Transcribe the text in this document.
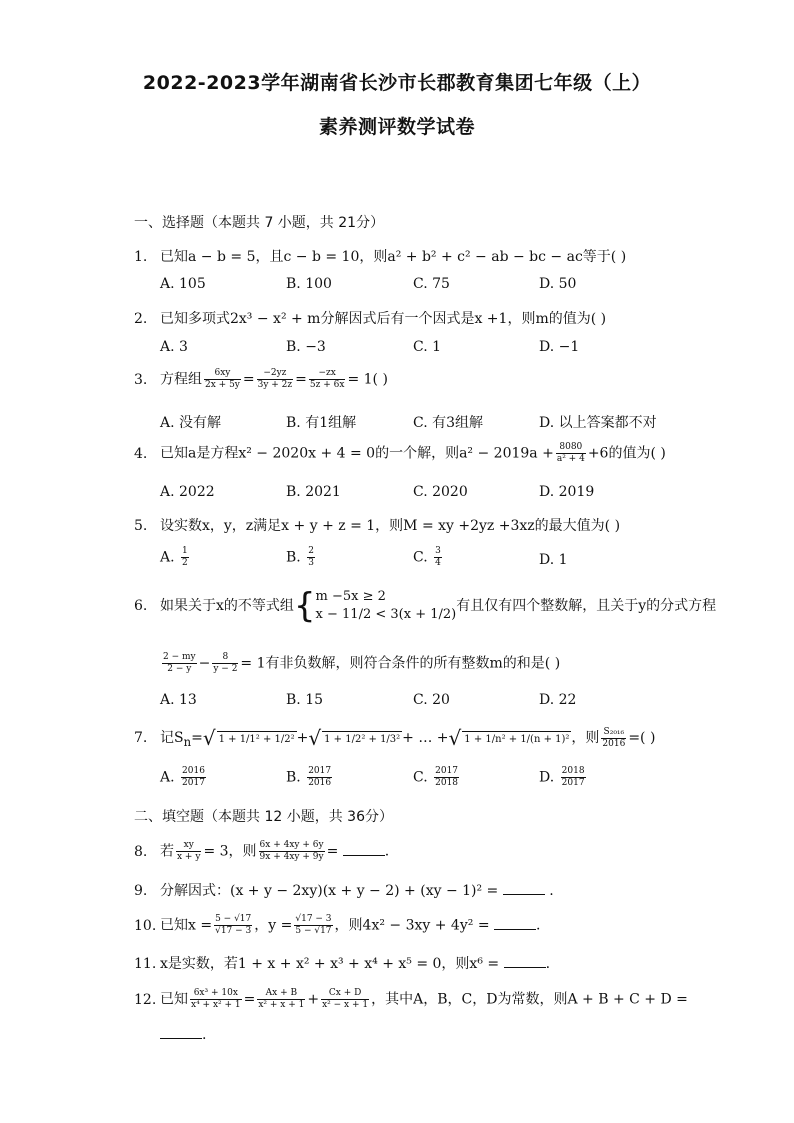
2022-2023学年湖南省长沙市长郡教育集团七年级（上）
素养测评数学试卷
一、选择题（本题共 7 小题，共 21分）
1. 已知a − b = 5，且c − b = 10，则a² + b² + c² − ab − bc − ac等于( )
A. 105	B. 100	C. 75	D. 50
2. 已知多项式2x³ − x² + m分解因式后有一个因式是x +1，则m的值为( )
A. 3	B. −3	C. 1	D. −1
3. 方程组 $\frac{6xy}{2x + 5y} = \frac{-2yz}{3y + 2z} = \frac{-zx}{5z + 6x} = 1$( )
A. 没有解	B. 有1组解	C. 有3组解	D. 以上答案都不对
4. 已知a是方程x² − 2020x + 4 = 0的一个解，则$a^2 - 2019a + \frac{8080}{\text{a² + 4}} +6$的值为( )
A. 2022	B. 2021	C. 2020	D. 2019
5. 设实数x，y，z满足x + y + z = 1，则M = xy +2yz +3xz的最大值为( )
A. $\frac{1}{2}$	B. $\frac{2}{3}$	C. $\frac{3}{4}$	D. 1
6. 如果关于x的不等式组{ m −5x ≥ 2
x − 11/2 < 3(x + 1/2)
有且仅有四个整数解，且关于y的分式方程
$\frac{2 - my}{2 - y} - \frac{8}{y - 2} = 1$有非负数解，则符合条件的所有整数m的和是( )
A. 13	B. 15	C. 20	D. 22
7. 记$S_n=√$ 1 + 1/1² + 1/2² +√ 1 + 1/2² + 1/3² + … +√ 1 + 1/n² + 1/(n + 1)² ，则 $\frac{\text{S₂₀₁₆}}{2016}$ =( )
A. $\frac{2016}{2017}$	B. $\frac{2017}{2016}$	C. $\frac{2017}{2018}$	D. $\frac{2018}{2017}$
二、填空题（本题共 12 小题，共 36分）
8. 若 $\frac{xy}{x + y} = 3$，则 $\frac{6x + 4xy + 6y}{9x + 4xy + 9y}$ =	.
9. 分解因式：(x + y − 2xy)(x + y − 2) + (xy − 1)² =	.
10. 已知$x = \frac{5 - √17}{√17 - 3}$ ，$y = \frac{√17 - 3}{5 - √17}$ ，则4x² − 3xy + 4y² =	.
11. x是实数，若1 + x + x² + x³ + x⁴ + x⁵ = 0，则x⁶ =	.
12. 已知 $\frac{\text{6x³ + 10x}}{\text{x⁴ + x² + 1}} = \frac{Ax + B}{\text{x² + x + 1}} + \frac{Cx + D}{\text{x² − x + 1}}$ ，其中A，B，C，D为常数，则A + B + C + D =
.
